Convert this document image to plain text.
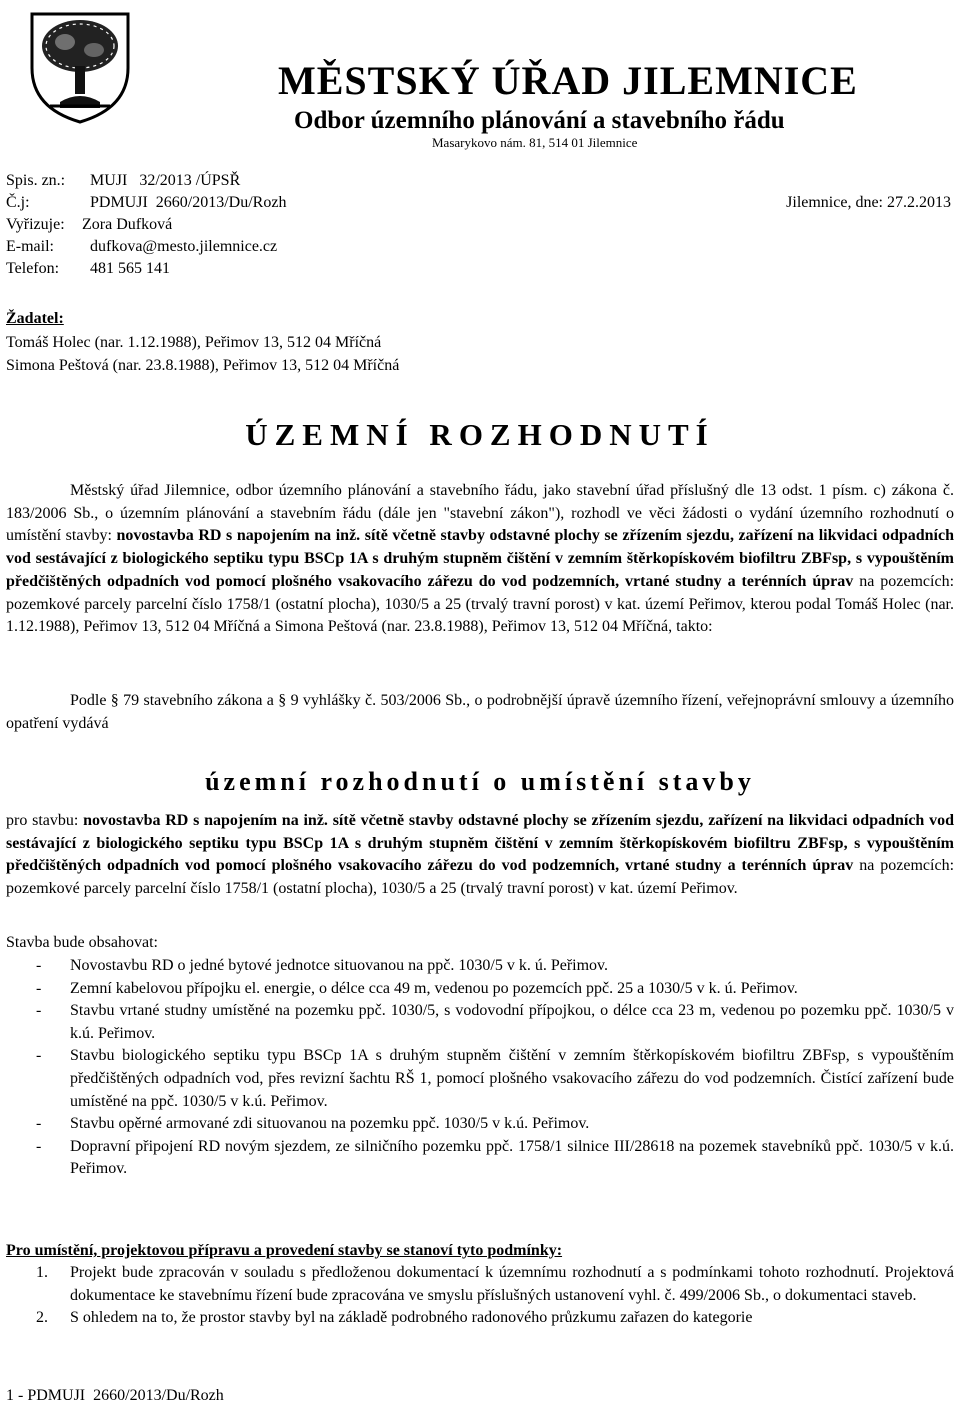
MĚSTSKÝ ÚŘAD JILEMNICE
Odbor územního plánování a stavebního řádu
Masarykovo nám. 81, 514 01 Jilemnice
Spis. zn.: MUJI   32/2013 /ÚPSŘ
Č.j:	PDMUJI  2660/2013/Du/Rozh	Jilemnice, dne: 27.2.2013
Vyřizuje: Zora Dufková
E-mail: dufkova@mesto.jilemnice.cz
Telefon: 481 565 141
Žadatel:
Tomáš Holec (nar. 1.12.1988), Peřimov 13, 512 04 Mříčná
Simona Peštová (nar. 23.8.1988), Peřimov 13, 512 04 Mříčná
ÚZEMNÍ ROZHODNUTÍ
Městský úřad Jilemnice, odbor územního plánování a stavebního řádu, jako stavební úřad příslušný dle 13 odst. 1 písm. c) zákona č. 183/2006 Sb., o územním plánování a stavebním řádu (dále jen "stavební zákon"), rozhodl ve věci žádosti o vydání územního rozhodnutí o umístění stavby: novostavba RD s napojením na inž. sítě včetně stavby odstavné plochy se zřízením sjezdu, zařízení na likvidaci odpadních vod sestávající z biologického septiku typu BSCp 1A s druhým stupněm čištění v zemním štěrkopískovém biofiltru ZBFsp, s vypouštěním předčištěných odpadních vod pomocí plošného vsakovacího zářezu do vod podzemních, vrtané studny a terénních úprav na pozemcích: pozemkové parcely parcelní číslo 1758/1 (ostatní plocha), 1030/5 a 25 (trvalý travní porost) v kat. území Peřimov, kterou podal Tomáš Holec (nar. 1.12.1988), Peřimov 13, 512 04 Mříčná a Simona Peštová (nar. 23.8.1988), Peřimov 13, 512 04 Mříčná, takto:
Podle § 79 stavebního zákona a § 9 vyhlášky č. 503/2006 Sb., o podrobnější úpravě územního řízení, veřejnoprávní smlouvy a územního opatření vydává
územní rozhodnutí o umístění stavby
pro stavbu: novostavba RD s napojením na inž. sítě včetně stavby odstavné plochy se zřízením sjezdu, zařízení na likvidaci odpadních vod sestávající z biologického septiku typu BSCp 1A s druhým stupněm čištění v zemním štěrkopískovém biofiltru ZBFsp, s vypouštěním předčištěných odpadních vod pomocí plošného vsakovacího zářezu do vod podzemních, vrtané studny a terénních úprav na pozemcích: pozemkové parcely parcelní číslo 1758/1 (ostatní plocha), 1030/5 a 25 (trvalý travní porost) v kat. území Peřimov.
Stavba bude obsahovat:
- Novostavbu RD o jedné bytové jednotce situovanou na ppč. 1030/5 v k. ú. Peřimov.
- Zemní kabelovou přípojku el. energie, o délce cca 49 m, vedenou po pozemcích ppč. 25 a 1030/5 v k. ú. Peřimov.
- Stavbu vrtané studny umístěné na pozemku ppč. 1030/5, s vodovodní přípojkou, o délce cca 23 m, vedenou po pozemku ppč. 1030/5 v k.ú. Peřimov.
- Stavbu biologického septiku typu BSCp 1A s druhým stupněm čištění v zemním štěrkopískovém biofiltru ZBFsp, s vypouštěním předčištěných odpadních vod, přes revizní šachtu RŠ 1, pomocí plošného vsakovacího zářezu do vod podzemních. Čistící zařízení bude umístěné na ppč. 1030/5 v k.ú. Peřimov.
- Stavbu opěrné armované zdi situovanou na pozemku ppč. 1030/5 v k.ú. Peřimov.
- Dopravní připojení RD novým sjezdem, ze silničního pozemku ppč. 1758/1 silnice III/28618 na pozemek stavebníků ppč. 1030/5 v k.ú. Peřimov.
Pro umístění, projektovou přípravu a provedení stavby se stanoví tyto podmínky:
1. Projekt bude zpracován v souladu s předloženou dokumentací k územnímu rozhodnutí a s podmínkami tohoto rozhodnutí. Projektová dokumentace ke stavebnímu řízení bude zpracována ve smyslu příslušných ustanovení vyhl. č. 499/2006 Sb., o dokumentaci staveb.
2. S ohledem na to, že prostor stavby byl na základě podrobného radonového průzkumu zařazen do kategorie
1 - PDMUJI  2660/2013/Du/Rozh
